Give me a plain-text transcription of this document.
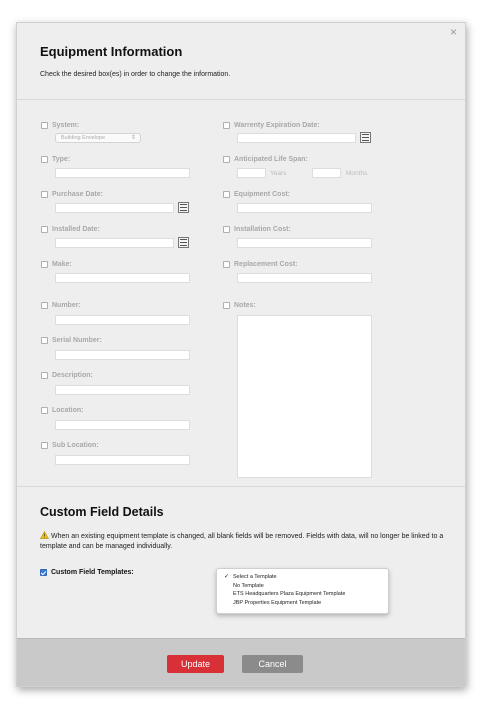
×
Equipment Information
Check the desired box(es) in order to change the information.
System:
Building Envelope	⇕
Type:
Purchase Date:
Installed Date:
Make:
Number:
Serial Number:
Description:
Location:
Sub Location:
Warrenty Expiration Date:
Anticipated Life Span:
Years	Months
Equipment Cost:
Installation Cost:
Replacement Cost:
Notes:
Custom Field Details
When an existing equipment template is changed, all blank fields will be removed. Fields with data, will no longer be linked to a template and can be managed individually.
Custom Field Templates:
✓ Select a Template
No Template
ETS Headquarters Plaza Equipment Template
JBP Properties Equipment Template
Update	Cancel
